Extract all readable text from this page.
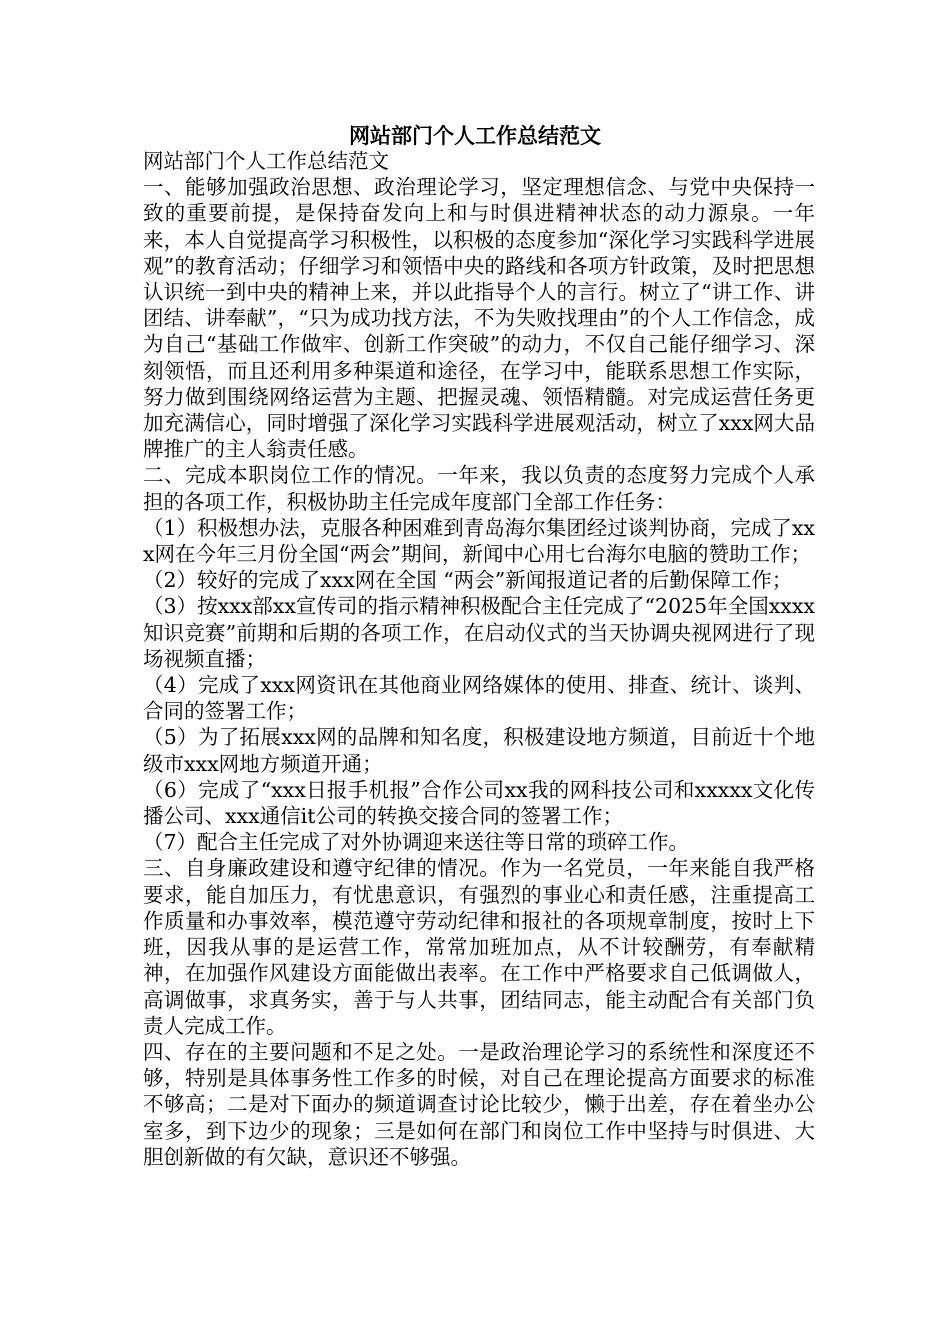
网站部门个人工作总结范文

网站部门个人工作总结范文

一、能够加强政治思想、政治理论学习，坚定理想信念、与党中央保持一致的重要前提，是保持奋发向上和与时俱进精神状态的动力源泉。一年来，本人自觉提高学习积极性，以积极的态度参加“深化学习实践科学进展观”的教育活动；仔细学习和领悟中央的路线和各项方针政策，及时把思想认识统一到中央的精神上来，并以此指导个人的言行。树立了“讲工作、讲团结、讲奉献”，“只为成功找方法，不为失败找理由”的个人工作信念，成为自己“基础工作做牢、创新工作突破”的动力，不仅自己能仔细学习、深刻领悟，而且还利用多种渠道和途径，在学习中，能联系思想工作实际，努力做到围绕网络运营为主题、把握灵魂、领悟精髓。对完成运营任务更加充满信心，同时增强了深化学习实践科学进展观活动，树立了xxx网大品牌推广的主人翁责任感。

二、完成本职岗位工作的情况。一年来，我以负责的态度努力完成个人承担的各项工作，积极协助主任完成年度部门全部工作任务：

（1）积极想办法，克服各种困难到青岛海尔集团经过谈判协商，完成了xxx网在今年三月份全国“两会”期间，新闻中心用七台海尔电脑的赞助工作；

（2）较好的完成了xxx网在全国 “两会”新闻报道记者的后勤保障工作；

（3）按xxx部xx宣传司的指示精神积极配合主任完成了“2025年全国xxxx知识竞赛”前期和后期的各项工作，在启动仪式的当天协调央视网进行了现场视频直播；

（4）完成了xxx网资讯在其他商业网络媒体的使用、排查、统计、谈判、合同的签署工作；

（5）为了拓展xxx网的品牌和知名度，积极建设地方频道，目前近十个地级市xxx网地方频道开通；

（6）完成了“xxx日报手机报”合作公司xx我的网科技公司和xxxxx文化传播公司、xxx通信it公司的转换交接合同的签署工作；

（7）配合主任完成了对外协调迎来送往等日常的琐碎工作。

三、自身廉政建设和遵守纪律的情况。作为一名党员，一年来能自我严格要求，能自加压力，有忧患意识，有强烈的事业心和责任感，注重提高工作质量和办事效率，模范遵守劳动纪律和报社的各项规章制度，按时上下班，因我从事的是运营工作，常常加班加点，从不计较酬劳，有奉献精神，在加强作风建设方面能做出表率。在工作中严格要求自己低调做人，高调做事，求真务实，善于与人共事，团结同志，能主动配合有关部门负责人完成工作。

四、存在的主要问题和不足之处。一是政治理论学习的系统性和深度还不够，特别是具体事务性工作多的时候，对自己在理论提高方面要求的标准不够高；二是对下面办的频道调查讨论比较少，懒于出差，存在着坐办公室多，到下边少的现象；三是如何在部门和岗位工作中坚持与时俱进、大胆创新做的有欠缺，意识还不够强。
